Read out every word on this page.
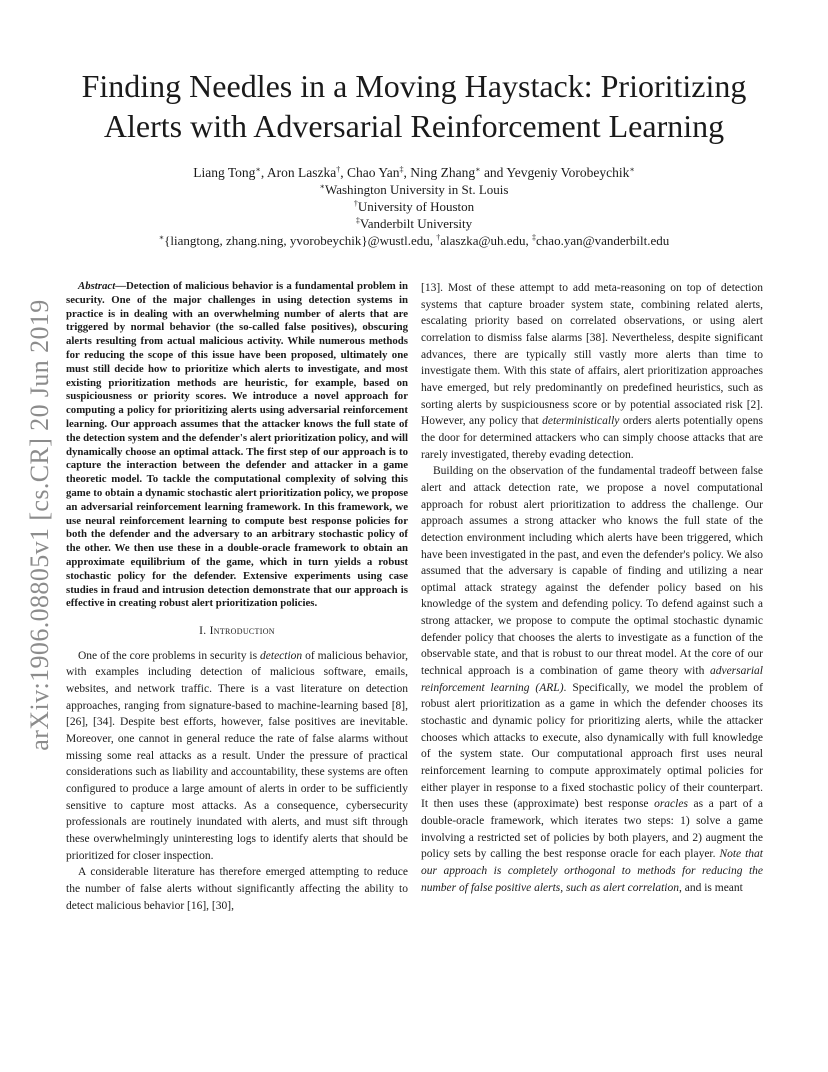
Finding Needles in a Moving Haystack: Prioritizing Alerts with Adversarial Reinforcement Learning
Liang Tong∗, Aron Laszka†, Chao Yan‡, Ning Zhang∗ and Yevgeniy Vorobeychik∗
∗Washington University in St. Louis
†University of Houston
‡Vanderbilt University
∗{liangtong, zhang.ning, yvorobeychik}@wustl.edu, †alaszka@uh.edu, ‡chao.yan@vanderbilt.edu
arXiv:1906.08805v1 [cs.CR] 20 Jun 2019

Abstract—Detection of malicious behavior is a fundamental problem in security. One of the major challenges in using detection systems in practice is in dealing with an overwhelming number of alerts that are triggered by normal behavior (the so-called false positives), obscuring alerts resulting from actual malicious activity. While numerous methods for reducing the scope of this issue have been proposed, ultimately one must still decide how to prioritize which alerts to investigate, and most existing prioritization methods are heuristic, for example, based on suspiciousness or priority scores. We introduce a novel approach for computing a policy for prioritizing alerts using adversarial reinforcement learning. Our approach assumes that the attacker knows the full state of the detection system and the defender's alert prioritization policy, and will dynamically choose an optimal attack. The first step of our approach is to capture the interaction between the defender and attacker in a game theoretic model. To tackle the computational complexity of solving this game to obtain a dynamic stochastic alert prioritization policy, we propose an adversarial reinforcement learning framework. In this framework, we use neural reinforcement learning to compute best response policies for both the defender and the adversary to an arbitrary stochastic policy of the other. We then use these in a double-oracle framework to obtain an approximate equilibrium of the game, which in turn yields a robust stochastic policy for the defender. Extensive experiments using case studies in fraud and intrusion detection demonstrate that our approach is effective in creating robust alert prioritization policies.

I. Introduction

One of the core problems in security is detection of malicious behavior, with examples including detection of malicious software, emails, websites, and network traffic. There is a vast literature on detection approaches, ranging from signature-based to machine-learning based [8], [26], [34]. Despite best efforts, however, false positives are inevitable. Moreover, one cannot in general reduce the rate of false alarms without missing some real attacks as a result. Under the pressure of practical considerations such as liability and accountability, these systems are often configured to produce a large amount of alerts in order to be sufficiently sensitive to capture most attacks. As a consequence, cybersecurity professionals are routinely inundated with alerts, and must sift through these overwhelmingly uninteresting logs to identify alerts that should be prioritized for closer inspection.

A considerable literature has therefore emerged attempting to reduce the number of false alerts without significantly affecting the ability to detect malicious behavior [16], [30],

[13]. Most of these attempt to add meta-reasoning on top of detection systems that capture broader system state, combining related alerts, escalating priority based on correlated observations, or using alert correlation to dismiss false alarms [38]. Nevertheless, despite significant advances, there are typically still vastly more alerts than time to investigate them. With this state of affairs, alert prioritization approaches have emerged, but rely predominantly on predefined heuristics, such as sorting alerts by suspiciousness score or by potential associated risk [2]. However, any policy that deterministically orders alerts potentially opens the door for determined attackers who can simply choose attacks that are rarely investigated, thereby evading detection.

Building on the observation of the fundamental tradeoff between false alert and attack detection rate, we propose a novel computational approach for robust alert prioritization to address the challenge. Our approach assumes a strong attacker who knows the full state of the detection environment including which alerts have been triggered, which have been investigated in the past, and even the defender's policy. We also assumed that the adversary is capable of finding and utilizing a near optimal attack strategy against the defender policy based on his knowledge of the system and defending policy. To defend against such a strong attacker, we propose to compute the optimal stochastic dynamic defender policy that chooses the alerts to investigate as a function of the observable state, and that is robust to our threat model. At the core of our technical approach is a combination of game theory with adversarial reinforcement learning (ARL). Specifically, we model the problem of robust alert prioritization as a game in which the defender chooses its stochastic and dynamic policy for prioritizing alerts, while the attacker chooses which attacks to execute, also dynamically with full knowledge of the system state. Our computational approach first uses neural reinforcement learning to compute approximately optimal policies for either player in response to a fixed stochastic policy of their counterpart. It then uses these (approximate) best response oracles as a part of a double-oracle framework, which iterates two steps: 1) solve a game involving a restricted set of policies by both players, and 2) augment the policy sets by calling the best response oracle for each player. Note that our approach is completely orthogonal to methods for reducing the number of false positive alerts, such as alert correlation, and is meant
